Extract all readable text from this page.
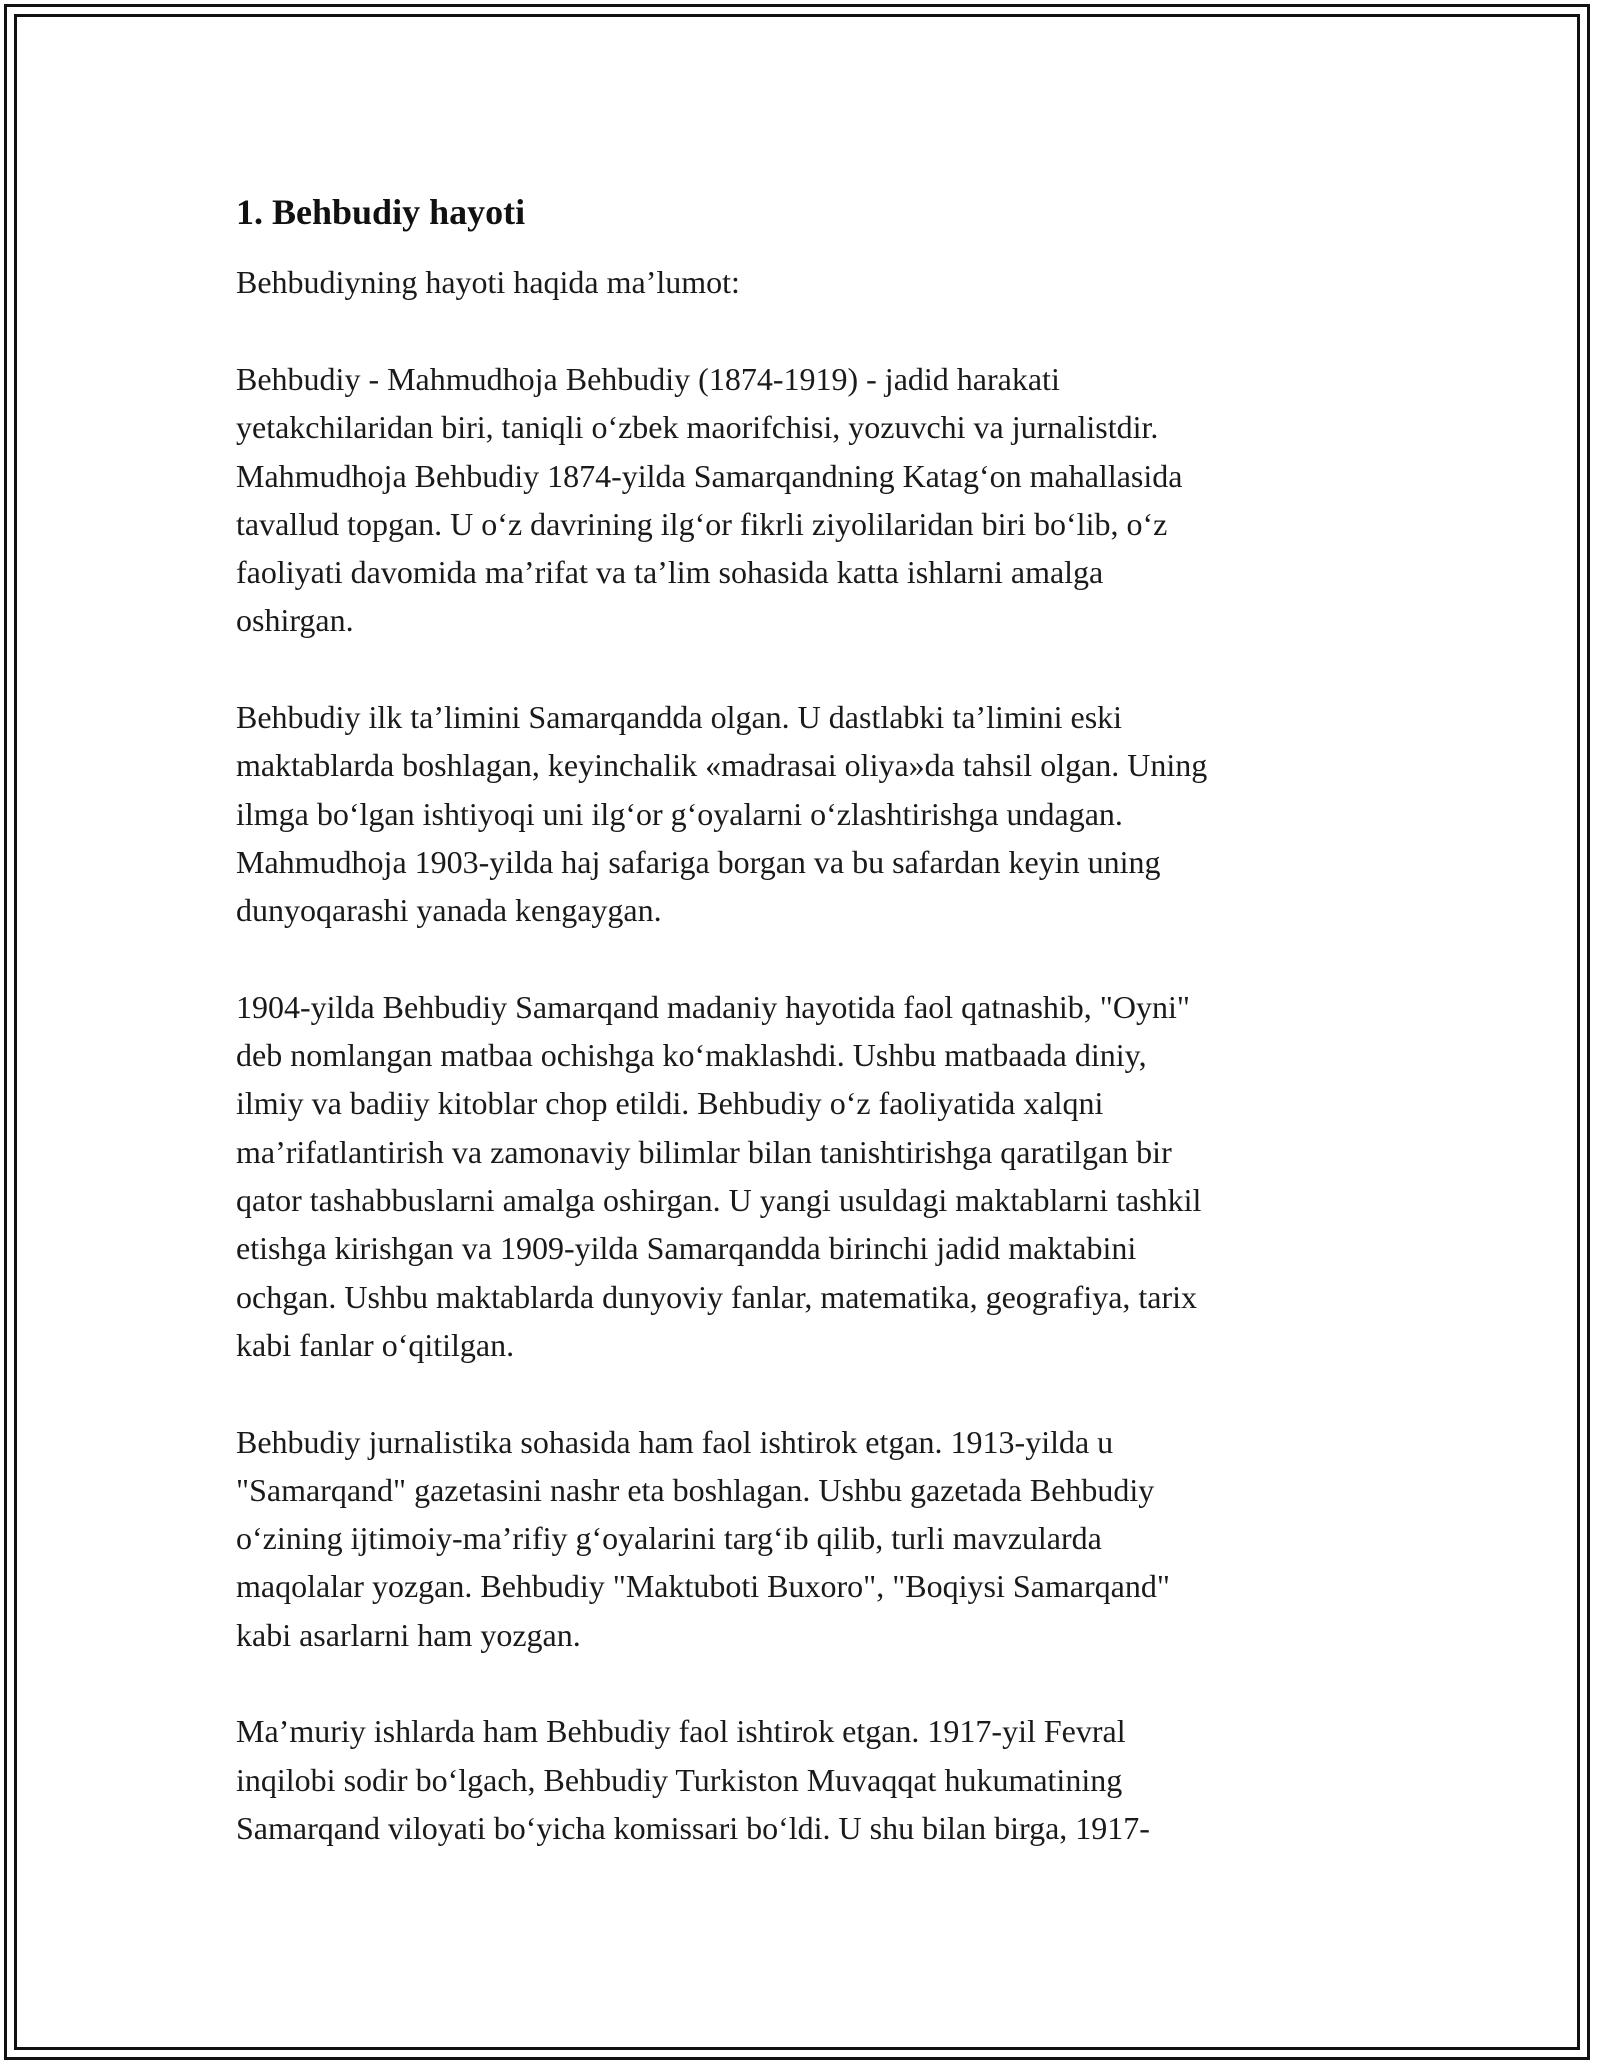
1. Behbudiy hayoti

Behbudiyning hayoti haqida ma’lumot:

Behbudiy - Mahmudhoja Behbudiy (1874-1919) - jadid harakati
yetakchilaridan biri, taniqli o‘zbek maorifchisi, yozuvchi va jurnalistdir.
Mahmudhoja Behbudiy 1874-yilda Samarqandning Katag‘on mahallasida
tavallud topgan. U o‘z davrining ilg‘or fikrli ziyolilaridan biri bo‘lib, o‘z
faoliyati davomida ma’rifat va ta’lim sohasida katta ishlarni amalga
oshirgan.

Behbudiy ilk ta’limini Samarqandda olgan. U dastlabki ta’limini eski
maktablarda boshlagan, keyinchalik «madrasai oliya»da tahsil olgan. Uning
ilmga bo‘lgan ishtiyoqi uni ilg‘or g‘oyalarni o‘zlashtirishga undagan.
Mahmudhoja 1903-yilda haj safariga borgan va bu safardan keyin uning
dunyoqarashi yanada kengaygan.

1904-yilda Behbudiy Samarqand madaniy hayotida faol qatnashib, "Oyni"
deb nomlangan matbaa ochishga ko‘maklashdi. Ushbu matbaada diniy,
ilmiy va badiiy kitoblar chop etildi. Behbudiy o‘z faoliyatida xalqni
ma’rifatlantirish va zamonaviy bilimlar bilan tanishtirishga qaratilgan bir
qator tashabbuslarni amalga oshirgan. U yangi usuldagi maktablarni tashkil
etishga kirishgan va 1909-yilda Samarqandda birinchi jadid maktabini
ochgan. Ushbu maktablarda dunyoviy fanlar, matematika, geografiya, tarix
kabi fanlar o‘qitilgan.

Behbudiy jurnalistika sohasida ham faol ishtirok etgan. 1913-yilda u
"Samarqand" gazetasini nashr eta boshlagan. Ushbu gazetada Behbudiy
o‘zining ijtimoiy-ma’rifiy g‘oyalarini targ‘ib qilib, turli mavzularda
maqolalar yozgan. Behbudiy "Maktuboti Buxoro", "Boqiysi Samarqand"
kabi asarlarni ham yozgan.

Ma’muriy ishlarda ham Behbudiy faol ishtirok etgan. 1917-yil Fevral
inqilobi sodir bo‘lgach, Behbudiy Turkiston Muvaqqat hukumatining
Samarqand viloyati bo‘yicha komissari bo‘ldi. U shu bilan birga, 1917-
